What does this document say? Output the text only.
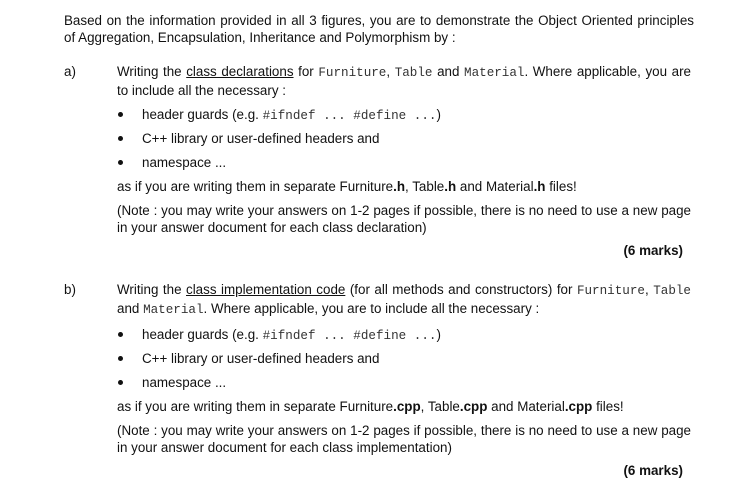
Based on the information provided in all 3 figures, you are to demonstrate the Object Oriented principles of Aggregation, Encapsulation, Inheritance and Polymorphism by :
a)	Writing the class declarations for Furniture, Table and Material. Where applicable, you are to include all the necessary :
header guards (e.g. #ifndef ... #define ...)
C++ library or user-defined headers and
namespace ...
as if you are writing them in separate Furniture.h, Table.h and Material.h files!
(Note : you may write your answers on 1-2 pages if possible, there is no need to use a new page in your answer document for each class declaration)
(6 marks)
b)	Writing the class implementation code (for all methods and constructors) for Furniture, Table and Material. Where applicable, you are to include all the necessary :
header guards (e.g. #ifndef ... #define ...)
C++ library or user-defined headers and
namespace ...
as if you are writing them in separate Furniture.cpp, Table.cpp and Material.cpp files!
(Note : you may write your answers on 1-2 pages if possible, there is no need to use a new page in your answer document for each class implementation)
(6 marks)
